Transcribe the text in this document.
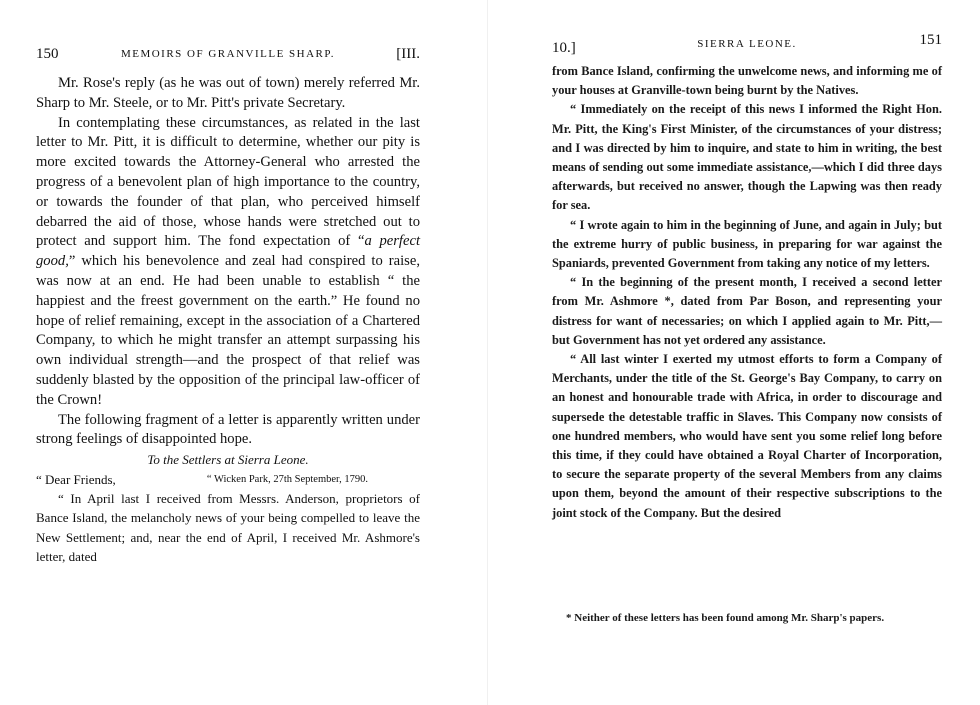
150	MEMOIRS OF GRANVILLE SHARP.	[III.

Mr. Rose's reply (as he was out of town) merely referred Mr. Sharp to Mr. Steele, or to Mr. Pitt's private Secretary.

In contemplating these circumstances, as related in the last letter to Mr. Pitt, it is difficult to determine, whether our pity is more excited towards the Attorney-General who arrested the progress of a benevolent plan of high importance to the country, or towards the founder of that plan, who perceived himself debarred the aid of those, whose hands were stretched out to protect and support him. The fond expectation of “a perfect good,” which his benevolence and zeal had conspired to raise, was now at an end. He had been unable to establish “ the happiest and the freest government on the earth.” He found no hope of relief remaining, except in the association of a Chartered Company, to which he might transfer an attempt surpassing his own individual strength—and the prospect of that relief was suddenly blasted by the opposition of the principal law-officer of the Crown!

The following fragment of a letter is apparently written under strong feelings of disappointed hope.

To the Settlers at Sierra Leone.

“ Dear Friends,	“ Wicken Park, 27th September, 1790.

“ In April last I received from Messrs. Anderson, proprietors of Bance Island, the melancholy news of your being compelled to leave the New Settlement; and, near the end of April, I received Mr. Ashmore's letter, dated

10.]	SIERRA LEONE.	151

from Bance Island, confirming the unwelcome news, and informing me of your houses at Granville-town being burnt by the Natives.

“ Immediately on the receipt of this news I informed the Right Hon. Mr. Pitt, the King's First Minister, of the circumstances of your distress; and I was directed by him to inquire, and state to him in writing, the best means of sending out some immediate assistance,—which I did three days afterwards, but received no answer, though the Lapwing was then ready for sea.

“ I wrote again to him in the beginning of June, and again in July; but the extreme hurry of public business, in preparing for war against the Spaniards, prevented Government from taking any notice of my letters.

“ In the beginning of the present month, I received a second letter from Mr. Ashmore *, dated from Par Boson, and representing your distress for want of necessaries; on which I applied again to Mr. Pitt,—but Government has not yet ordered any assistance.

“ All last winter I exerted my utmost efforts to form a Company of Merchants, under the title of the St. George's Bay Company, to carry on an honest and honourable trade with Africa, in order to discourage and supersede the detestable traffic in Slaves. This Company now consists of one hundred members, who would have sent you some relief long before this time, if they could have obtained a Royal Charter of Incorporation, to secure the separate property of the several Members from any claims upon them, beyond the amount of their respective subscriptions to the joint stock of the Company. But the desired

* Neither of these letters has been found among Mr. Sharp's papers.
